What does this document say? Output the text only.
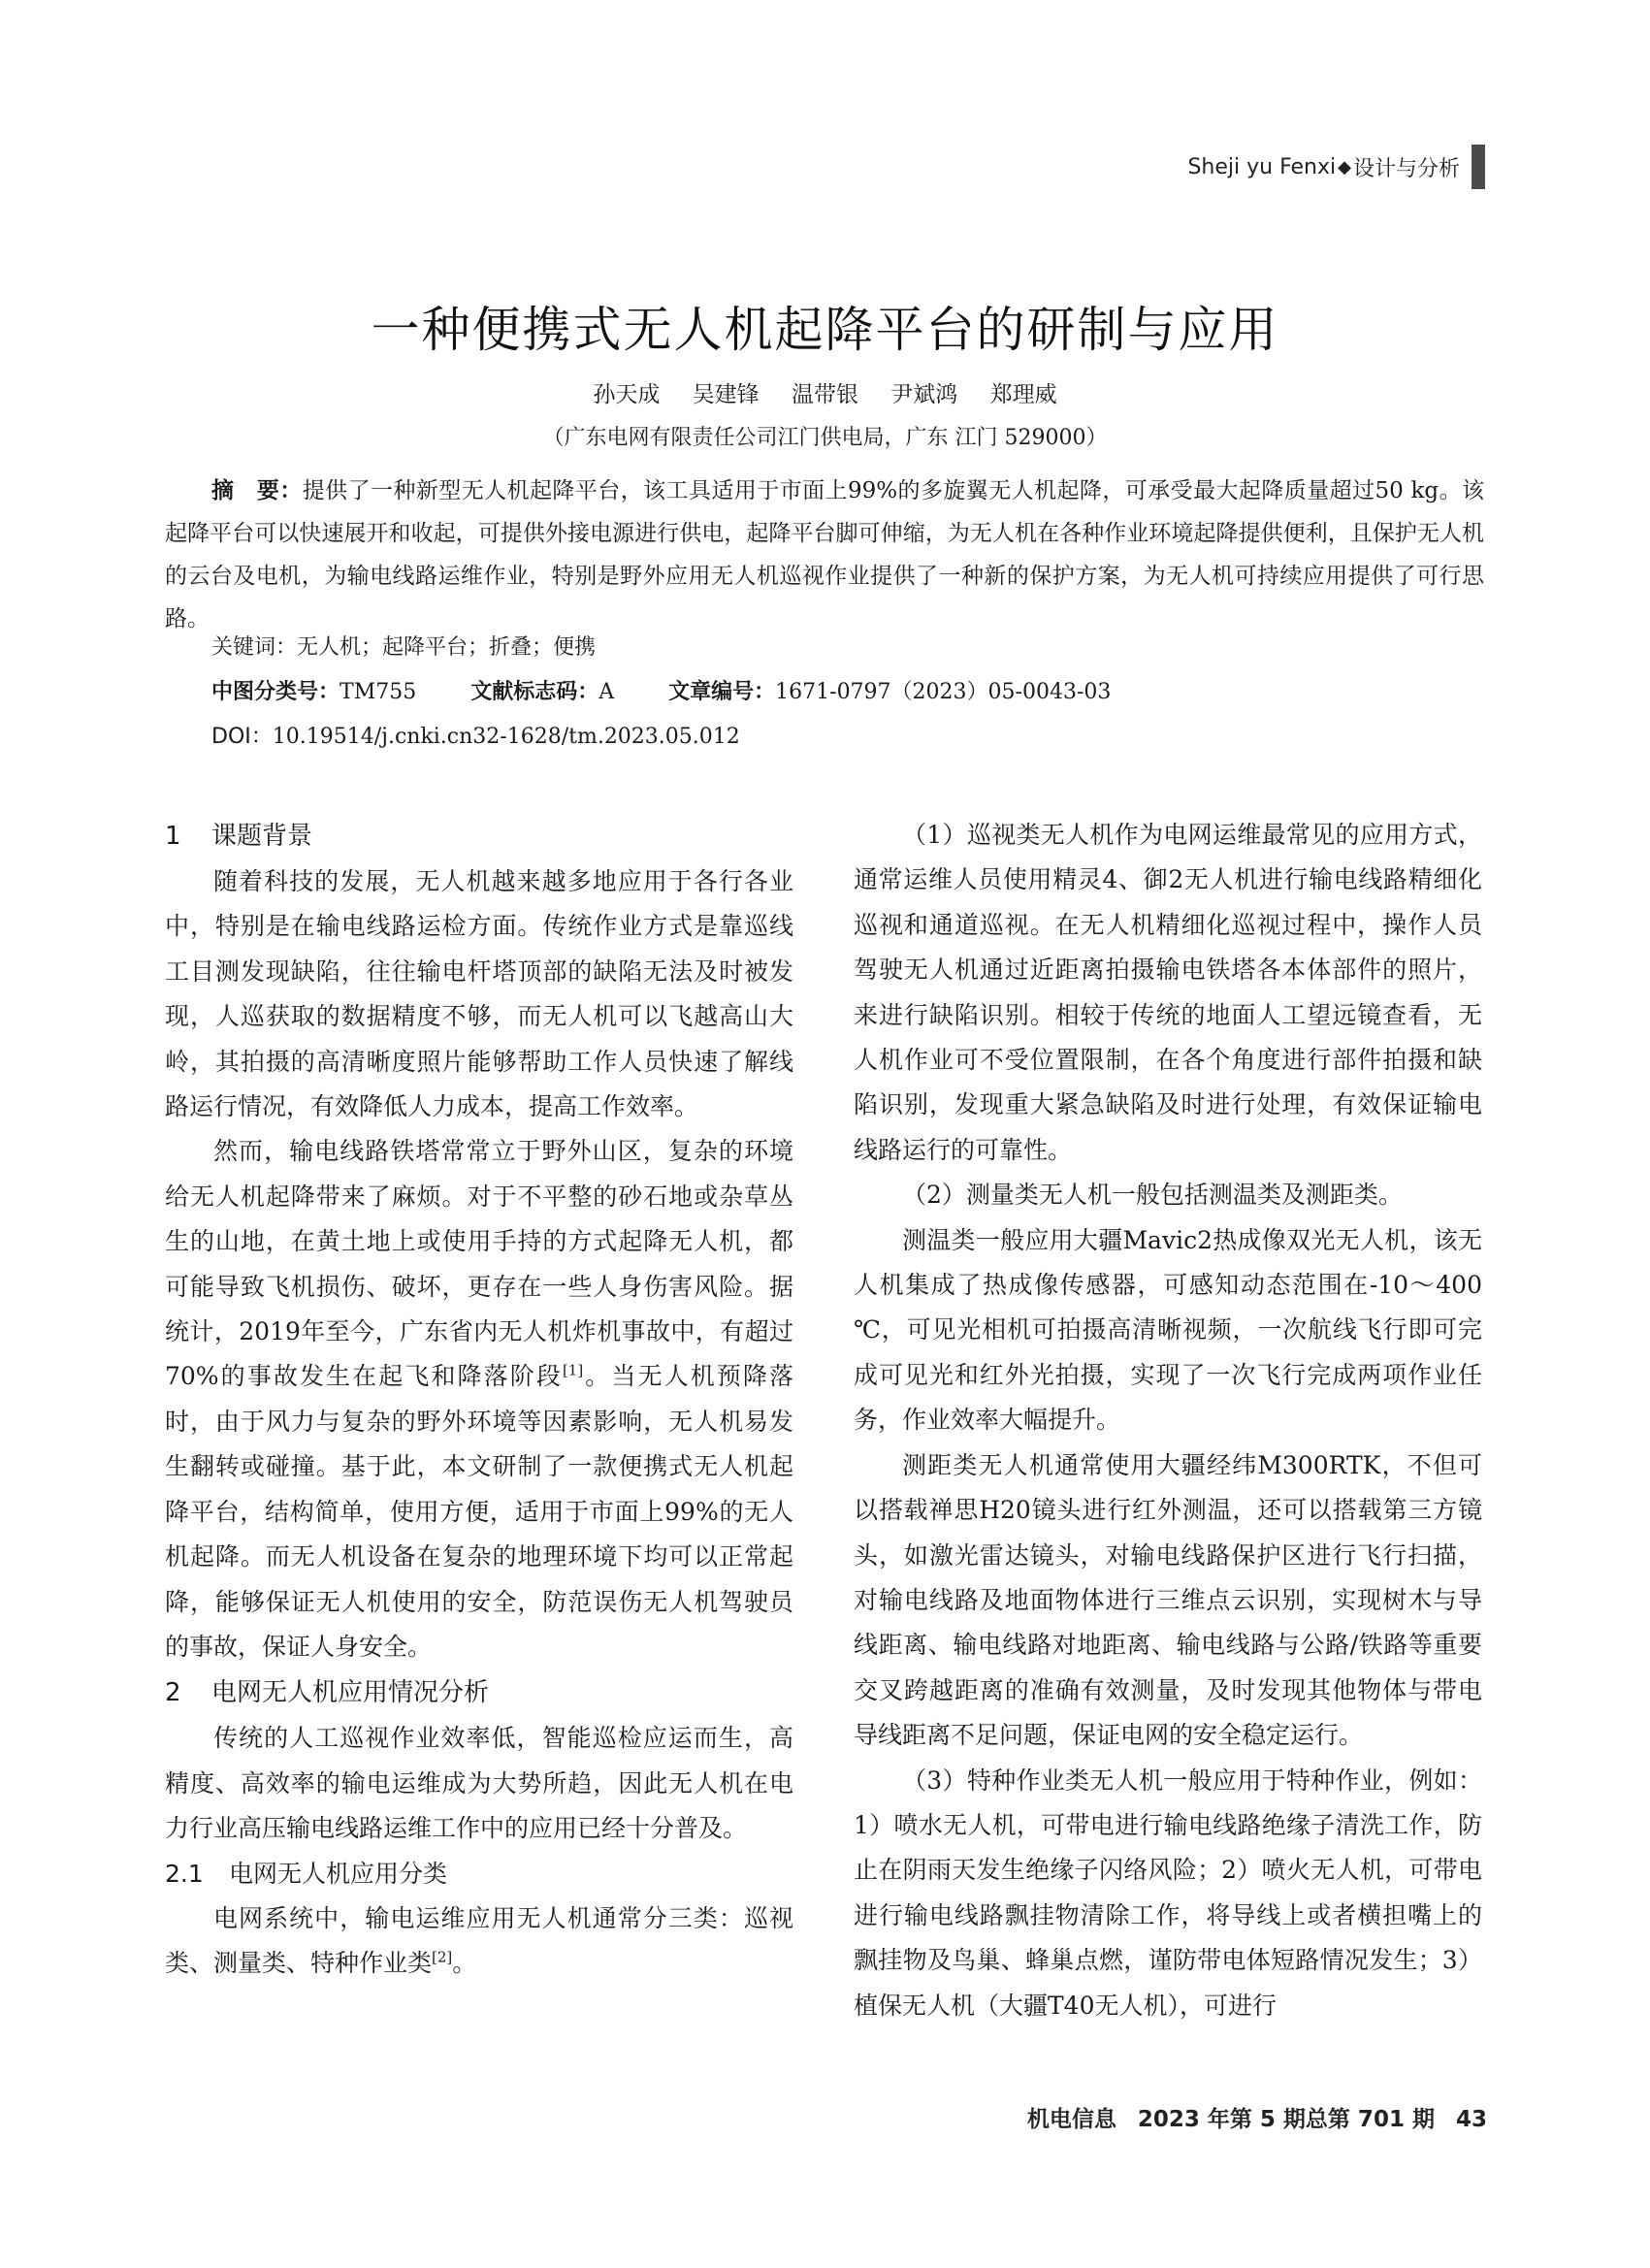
Sheji yu Fenxi ◆ 设计与分析
一种便携式无人机起降平台的研制与应用
孙天成 吴建锋 温带银 尹斌鸿 郑理威
（广东电网有限责任公司江门供电局，广东 江门 529000）
摘　要：提供了一种新型无人机起降平台，该工具适用于市面上99%的多旋翼无人机起降，可承受最大起降质量超过50 kg。该起降平台可以快速展开和收起，可提供外接电源进行供电，起降平台脚可伸缩，为无人机在各种作业环境起降提供便利，且保护无人机的云台及电机，为输电线路运维作业，特别是野外应用无人机巡视作业提供了一种新的保护方案，为无人机可持续应用提供了可行思路。
关键词：无人机；起降平台；折叠；便携
中图分类号：TM755	文献标志码：A	文章编号：1671-0797（2023）05-0043-03
DOI：10.19514/j.cnki.cn32-1628/tm.2023.05.012
1 课题背景

随着科技的发展，无人机越来越多地应用于各行各业中，特别是在输电线路运检方面。传统作业方式是靠巡线工目测发现缺陷，往往输电杆塔顶部的缺陷无法及时被发现，人巡获取的数据精度不够，而无人机可以飞越高山大岭，其拍摄的高清晰度照片能够帮助工作人员快速了解线路运行情况，有效降低人力成本，提高工作效率。

然而，输电线路铁塔常常立于野外山区，复杂的环境给无人机起降带来了麻烦。对于不平整的砂石地或杂草丛生的山地，在黄土地上或使用手持的方式起降无人机，都可能导致飞机损伤、破坏，更存在一些人身伤害风险。据统计，2019年至今，广东省内无人机炸机事故中，有超过70%的事故发生在起飞和降落阶段[1]。当无人机预降落时，由于风力与复杂的野外环境等因素影响，无人机易发生翻转或碰撞。基于此，本文研制了一款便携式无人机起降平台，结构简单，使用方便，适用于市面上99%的无人机起降。而无人机设备在复杂的地理环境下均可以正常起降，能够保证无人机使用的安全，防范误伤无人机驾驶员的事故，保证人身安全。

2 电网无人机应用情况分析

传统的人工巡视作业效率低，智能巡检应运而生，高精度、高效率的输电运维成为大势所趋，因此无人机在电力行业高压输电线路运维工作中的应用已经十分普及。

2.1 电网无人机应用分类

电网系统中，输电运维应用无人机通常分三类：巡视类、测量类、特种作业类[2]。

（1）巡视类无人机作为电网运维最常见的应用方式，通常运维人员使用精灵4、御2无人机进行输电线路精细化巡视和通道巡视。在无人机精细化巡视过程中，操作人员驾驶无人机通过近距离拍摄输电铁塔各本体部件的照片，来进行缺陷识别。相较于传统的地面人工望远镜查看，无人机作业可不受位置限制，在各个角度进行部件拍摄和缺陷识别，发现重大紧急缺陷及时进行处理，有效保证输电线路运行的可靠性。

（2）测量类无人机一般包括测温类及测距类。

测温类一般应用大疆Mavic2热成像双光无人机，该无人机集成了热成像传感器，可感知动态范围在-10～400 ℃，可见光相机可拍摄高清晰视频，一次航线飞行即可完成可见光和红外光拍摄，实现了一次飞行完成两项作业任务，作业效率大幅提升。

测距类无人机通常使用大疆经纬M300RTK，不但可以搭载禅思H20镜头进行红外测温，还可以搭载第三方镜头，如激光雷达镜头，对输电线路保护区进行飞行扫描，对输电线路及地面物体进行三维点云识别，实现树木与导线距离、输电线路对地距离、输电线路与公路/铁路等重要交叉跨越距离的准确有效测量，及时发现其他物体与带电导线距离不足问题，保证电网的安全稳定运行。

（3）特种作业类无人机一般应用于特种作业，例如：1）喷水无人机，可带电进行输电线路绝缘子清洗工作，防止在阴雨天发生绝缘子闪络风险；2）喷火无人机，可带电进行输电线路飘挂物清除工作，将导线上或者横担嘴上的飘挂物及鸟巢、蜂巢点燃，谨防带电体短路情况发生；3）植保无人机（大疆T40无人机），可进行

机电信息 2023 年第 5 期总第 701 期 43
